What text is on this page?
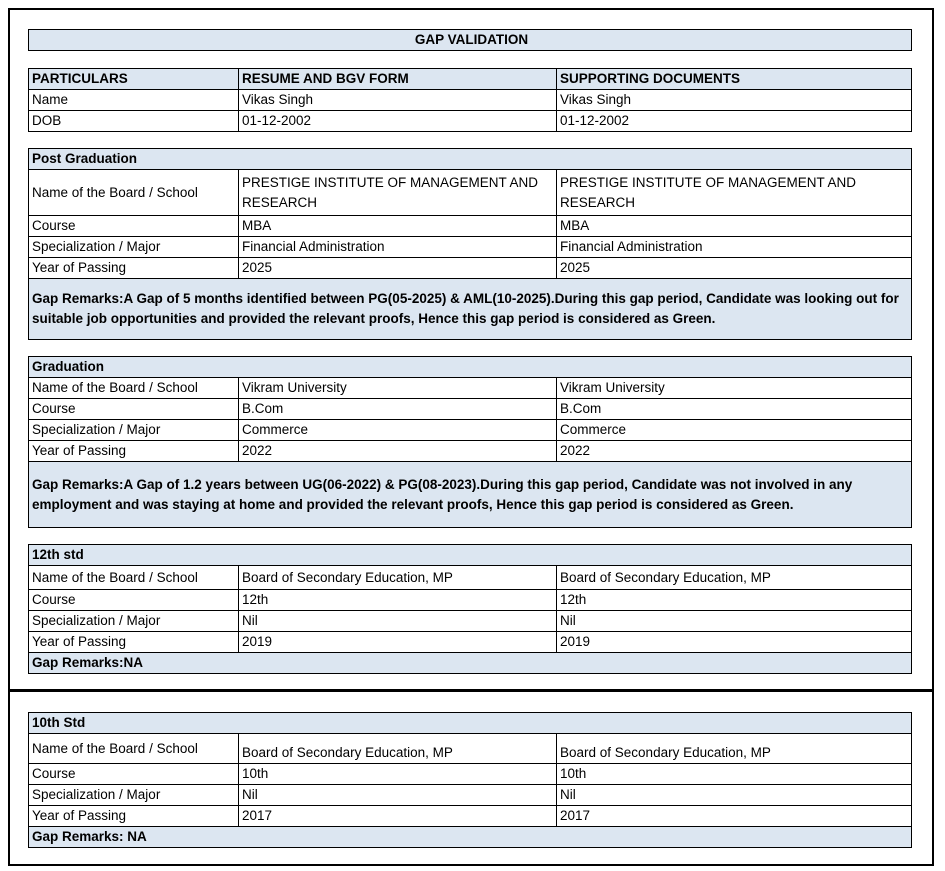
GAP VALIDATION
PARTICULARS	RESUME AND BGV FORM	SUPPORTING DOCUMENTS
Name	Vikas Singh	Vikas Singh
DOB	01-12-2002	01-12-2002
Post Graduation		
Name of the Board / School	PRESTIGE INSTITUTE OF MANAGEMENT AND RESEARCH	PRESTIGE INSTITUTE OF MANAGEMENT AND RESEARCH
Course	MBA	MBA
Specialization / Major	Financial Administration	Financial Administration
Year of Passing	2025	2025
Gap Remarks:A Gap of 5 months identified between PG(05-2025) & AML(10-2025).During this gap period, Candidate was looking out for suitable job opportunities and provided the relevant proofs, Hence this gap period is considered as Green.		
Graduation		
Name of the Board / School	Vikram University	Vikram University
Course	B.Com	B.Com
Specialization / Major	Commerce	Commerce
Year of Passing	2022	2022
Gap Remarks:A Gap of 1.2 years between UG(06-2022) & PG(08-2023).During this gap period, Candidate was not involved in any employment and was staying at home and provided the relevant proofs, Hence this gap period is considered as Green.		
12th std		
Name of the Board / School	Board of Secondary Education, MP	Board of Secondary Education, MP
Course	12th	12th
Specialization / Major	Nil	Nil
Year of Passing	2019	2019
Gap Remarks:NA		
10th Std		
Name of the Board / School	Board of Secondary Education, MP	Board of Secondary Education, MP
Course	10th	10th
Specialization / Major	Nil	Nil
Year of Passing	2017	2017
Gap Remarks: NA		
